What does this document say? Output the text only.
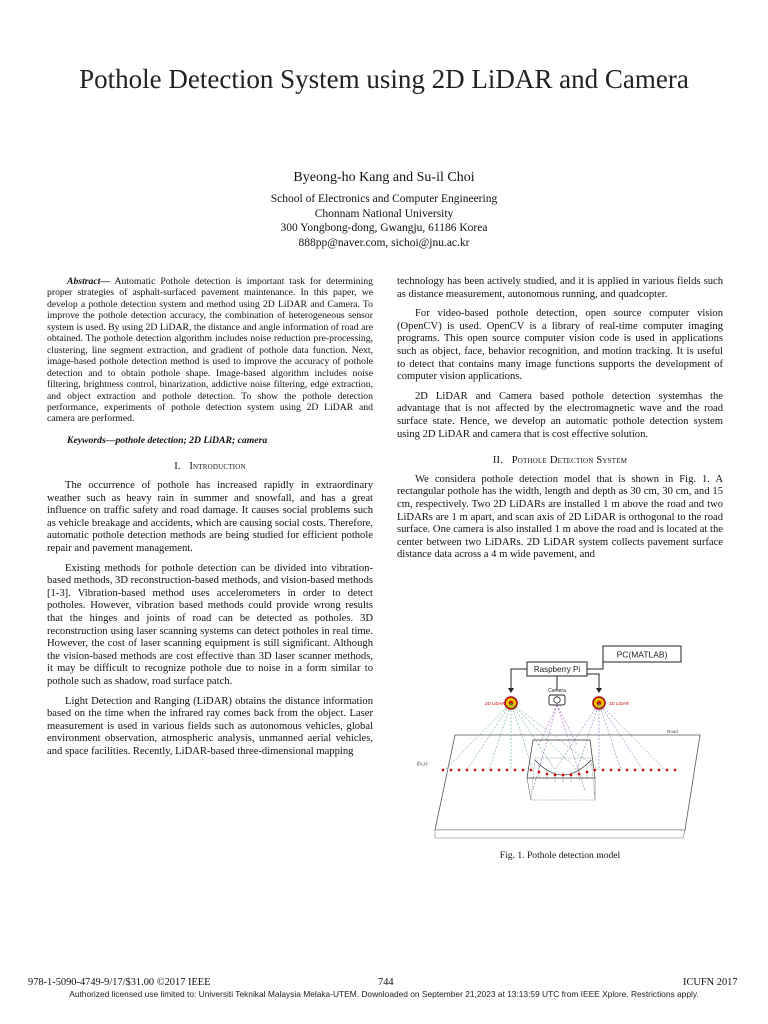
Pothole Detection System using 2D LiDAR and Camera
Byeong-ho Kang and Su-il Choi
School of Electronics and Computer Engineering
Chonnam National University
300 Yongbong-dong, Gwangju, 61186 Korea
888pp@naver.com, sichoi@jnu.ac.kr

Abstract— Automatic Pothole detection is important task for determining proper strategies of asphalt-surfaced pavement maintenance. In this paper, we develop a pothole detection system and method using 2D LiDAR and Camera. To improve the pothole detection accuracy, the combination of heterogeneous sensor system is used. By using 2D LiDAR, the distance and angle information of road are obtained. The pothole detection algorithm includes noise reduction pre-processing, clustering, line segment extraction, and gradient of pothole data function. Next, image-based pothole detection method is used to improve the accuracy of pothole detection and to obtain pothole shape. Image-based algorithm includes noise filtering, brightness control, binarization, addictive noise filtering, edge extraction, and object extraction and pothole detection. To show the pothole detection performance, experiments of pothole detection system using 2D LiDAR and camera are performed.

Keywords—pothole detection; 2D LiDAR; camera

I. Introduction

The occurrence of pothole has increased rapidly in extraordinary weather such as heavy rain in summer and snowfall, and has a great influence on traffic safety and road damage. It causes social problems such as vehicle breakage and accidents, which are causing social costs. Therefore, automatic pothole detection methods are being studied for efficient pothole repair and pavement management.

Existing methods for pothole detection can be divided into vibration-based methods, 3D reconstruction-based methods, and vision-based methods [1-3]. Vibration-based method uses accelerometers in order to detect potholes. However, vibration based methods could provide wrong results that the hinges and joints of road can be detected as potholes. 3D reconstruction using laser scanning systems can detect potholes in real time. However, the cost of laser scanning equipment is still significant. Although the vision-based methods are cost effective than 3D laser scanner methods, it may be difficult to recognize pothole due to noise in a form similar to pothole such as shadow, road surface patch.

Light Detection and Ranging (LiDAR) obtains the distance information based on the time when the infrared ray comes back from the object. Laser measurement is used in various fields such as autonomous vehicles, global environment observation, atmospheric analysis, unmanned aerial vehicles, and space facilities. Recently, LiDAR-based three-dimensional mapping

technology has been actively studied, and it is applied in various fields such as distance measurement, autonomous running, and quadcopter.

For video-based pothole detection, open source computer vision (OpenCV) is used. OpenCV is a library of real-time computer imaging programs. This open source computer vision code is used in applications such as object, face, behavior recognition, and motion tracking. It is useful to detect that contains many image functions supports the development of computer vision applications.

2D LiDAR and Camera based pothole detection systemhas the advantage that is not affected by the electromagnetic wave and the road surface state. Hence, we develop an automatic pothole detection system using 2D LiDAR and camera that is cost effective solution.

II. Pothole Detection System

We considera pothole detection model that is shown in Fig. 1. A rectangular pothole has the width, length and depth as 30 cm, 30 cm, and 15 cm, respectively. Two 2D LiDARs are installed 1 m above the road and two LiDARs are 1 m apart, and scan axis of 2D LiDAR is orthogonal to the road surface. One camera is also installed 1 m above the road and is located at the center between two LiDARs. 2D LiDAR system collects pavement surface distance data across a 4 m wide pavement, and

PC(MATLAB)
Raspberry Pi
Camera
2D LiDAR	2D LiDAR
Road
f(x,y)
Fig. 1. Pothole detection model
978-1-5090-4749-9/17/$31.00 ©2017 IEEE	744	ICUFN 2017
Authorized licensed use limited to: Universiti Teknikal Malaysia Melaka-UTEM. Downloaded on September 21,2023 at 13:13:59 UTC from IEEE Xplore. Restrictions apply.
